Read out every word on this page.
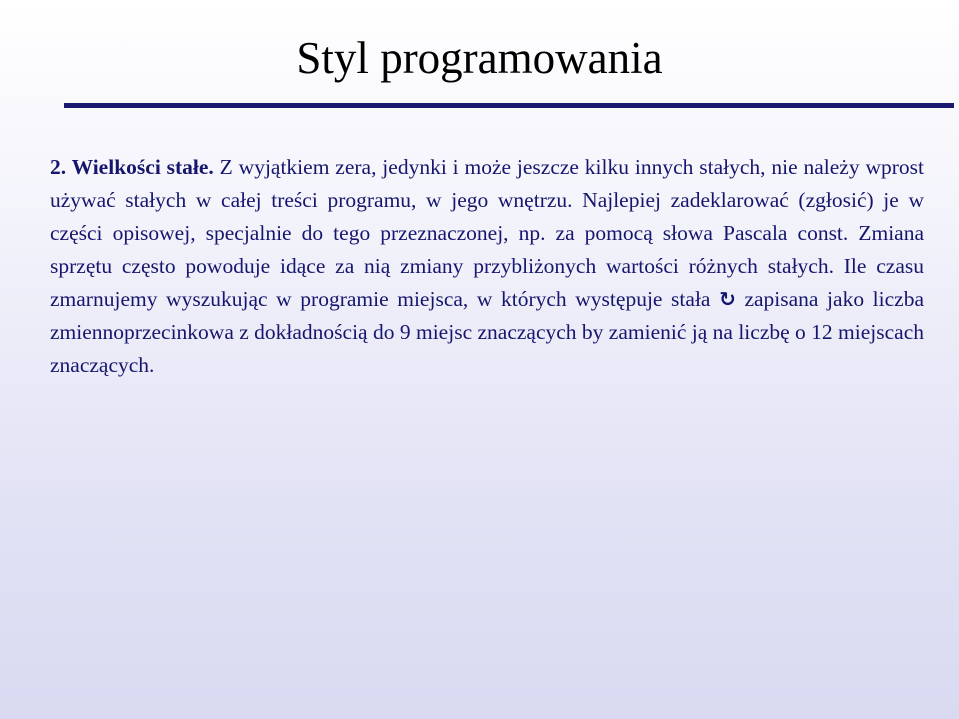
Styl programowania

2. Wielkości stałe. Z wyjątkiem zera, jedynki i może jeszcze kilku innych stałych, nie należy wprost używać stałych w całej treści programu, w jego wnętrzu. Najlepiej zadeklarować (zgłosić) je w części opisowej, specjalnie do tego przeznaczonej, np. za pomocą słowa Pascala const. Zmiana sprzętu często powoduje idące za nią zmiany przybliżonych wartości różnych stałych. Ile czasu zmarnujemy wyszukując w programie miejsca, w których występuje stała ↻ zapisana jako liczba zmiennoprzecinkowa z dokładnością do 9 miejsc znaczących by zamienić ją na liczbę o 12 miejscach znaczących.
